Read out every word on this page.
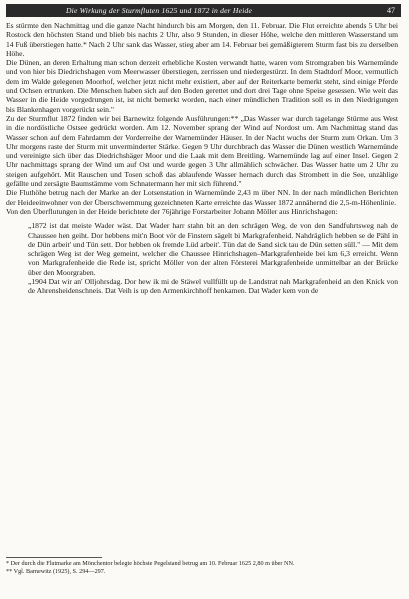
Die Wirkung der Sturmfluten 1625 und 1872 in der Heide	47

Es stürmte den Nachmittag und die ganze Nacht hindurch bis am Morgen, den 11. Februar. Die Flut erreichte abends 5 Uhr bei Rostock den höchsten Stand und blieb bis nachts 2 Uhr, also 9 Stunden, in dieser Höhe, welche den mittleren Wasserstand um 14 Fuß überstiegen hatte.* Nach 2 Uhr sank das Wasser, stieg aber am 14. Februar bei gemäßigterem Sturm fast bis zu derselben Höhe.

Die Dünen, an deren Erhaltung man schon derzeit erhebliche Kosten verwandt hatte, waren vom Stromgraben bis Warnemünde und von hier bis Diedrichshagen vom Meerwasser überstiegen, zerrissen und niedergestürzt. In dem Stadtdorf Moor, vermutlich dem im Walde gelegenen Moorhof, welcher jetzt nicht mehr existiert, aber auf der Reiterkarte bemerkt steht, sind einige Pferde und Ochsen ertrunken. Die Menschen haben sich auf den Boden gerettet und dort drei Tage ohne Speise gesessen. Wie weit das Wasser in die Heide vorgedrungen ist, ist nicht bemerkt worden, nach einer mündlichen Tradition soll es in den Niedrigungen bis Blankenhagen vorgerückt sein."

Zu der Sturmflut 1872 finden wir bei Barnewitz folgende Ausführungen:** „Das Wasser war durch tagelange Stürme aus West in die nordöstliche Ostsee gedrückt worden. Am 12. November sprang der Wind auf Nordost um. Am Nachmittag stand das Wasser schon auf dem Fahrdamm der Vorderreihe der Warnemünder Häuser. In der Nacht wuchs der Sturm zum Orkan. Um 3 Uhr morgens raste der Sturm mit unverminderter Stärke. Gegen 9 Uhr durchbrach das Wasser die Dünen westlich Warnemünde und vereinigte sich über das Diedrichshäger Moor und die Laak mit dem Breitling. Warnemünde lag auf einer Insel. Gegen 2 Uhr nachmittags sprang der Wind um auf Ost und wurde gegen 3 Uhr allmählich schwächer. Das Wasser hatte um 2 Uhr zu steigen aufgehört. Mit Rauschen und Tosen schoß das ablaufende Wasser hernach durch das Strombett in die See, unzählige gefällte und zersägte Baumstämme vom Schnatermann her mit sich führend."

Die Fluthöhe betrug nach der Marke an der Lotsenstation in Warnemünde 2,43 m über NN. In der nach mündlichen Berichten der Heideeinwohner von der Überschwemmung gezeichneten Karte erreichte das Wasser 1872 annähernd die 2,5-m-Höhenlinie.

Von den Überflutungen in der Heide berichtete der 76jährige Forstarbeiter Johann Möller aus Hinrichshagen:

„1872 ist dat meiste Wader wäst. Dat Wader harr stahn bit an den schrägen Weg, de von den Sandfuhrtsweg nah de Chaussee hen geiht. Dor hebbens mit'n Boot vör de Finstern sägelt bi Markgrafenheid. Nahdräglich hebben se de Pähl in de Dün arbeit' und Tün sett. Dor hebben ok fremde Lüd arbeit'. Tün dat de Sand sick tau de Dün setten süll." — Mit dem schrägen Weg ist der Weg gemeint, welcher die Chaussee Hinrichshagen–Markgrafenheide bei km 6,3 erreicht. Wenn von Markgrafenheide die Rede ist, spricht Möller von der alten Försterei Markgrafenheide unmittelbar an der Brücke über den Moorgraben.

„1904 Dat wir an' Olljohrsdag. Dor hew ik mi de Stäwel vullfüllt up de Landstrat nah Markgrafenheid an den Knick von de Ahrensheidenschneis. Dat Veih is up den Armenkirchhoff henkamen. Dat Wader kem von de

* Der durch die Flutmarke am Mönchentor belegte höchste Pegelstand betrug am 10. Februar 1625 2,80 m über NN.

** Vgl. Barnewitz (1925), S. 294—297.
